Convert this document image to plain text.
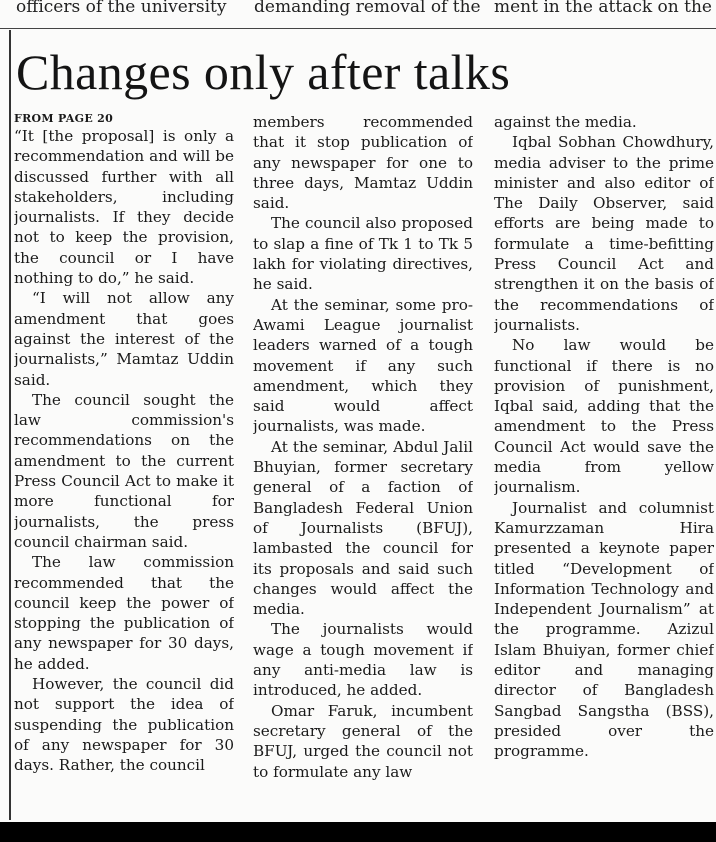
officers of the university demanding removal of the ment in the attack on the
Changes only after talks

FROM PAGE 20

“It [the proposal] is only a recommendation and will be discussed further with all stakeholders, including journalists. If they decide not to keep the provision, the council or I have nothing to do,” he said.

“I will not allow any amendment that goes against the interest of the journalists,” Mamtaz Uddin said.

The council sought the law commission's recommendations on the amendment to the current Press Council Act to make it more functional for journalists, the press council chairman said.

The law commission recommended that the council keep the power of stopping the publication of any newspaper for 30 days, he added.

However, the council did not support the idea of suspending the publication of any newspaper for 30 days. Rather, the council

members recommended that it stop publication of any newspaper for one to three days, Mamtaz Uddin said.

The council also proposed to slap a fine of Tk 1 to Tk 5 lakh for violating directives, he said.

At the seminar, some pro-Awami League journalist leaders warned of a tough movement if any such amendment, which they said would affect journalists, was made.

At the seminar, Abdul Jalil Bhuyian, former secretary general of a faction of Bangladesh Federal Union of Journalists (BFUJ), lambasted the council for its proposals and said such changes would affect the media.

The journalists would wage a tough movement if any anti-media law is introduced, he added.

Omar Faruk, incumbent secretary general of the BFUJ, urged the council not to formulate any law

against the media.

Iqbal Sobhan Chowdhury, media adviser to the prime minister and also editor of The Daily Observer, said efforts are being made to formulate a time-befitting Press Council Act and strengthen it on the basis of the recommendations of journalists.

No law would be functional if there is no provision of punishment, Iqbal said, adding that the amendment to the Press Council Act would save the media from yellow journalism.

Journalist and columnist Kamurzzaman Hira presented a keynote paper titled “Development of Information Technology and Independent Journalism” at the programme. Azizul Islam Bhuiyan, former chief editor and managing director of Bangladesh Sangbad Sangstha (BSS), presided over the programme.
